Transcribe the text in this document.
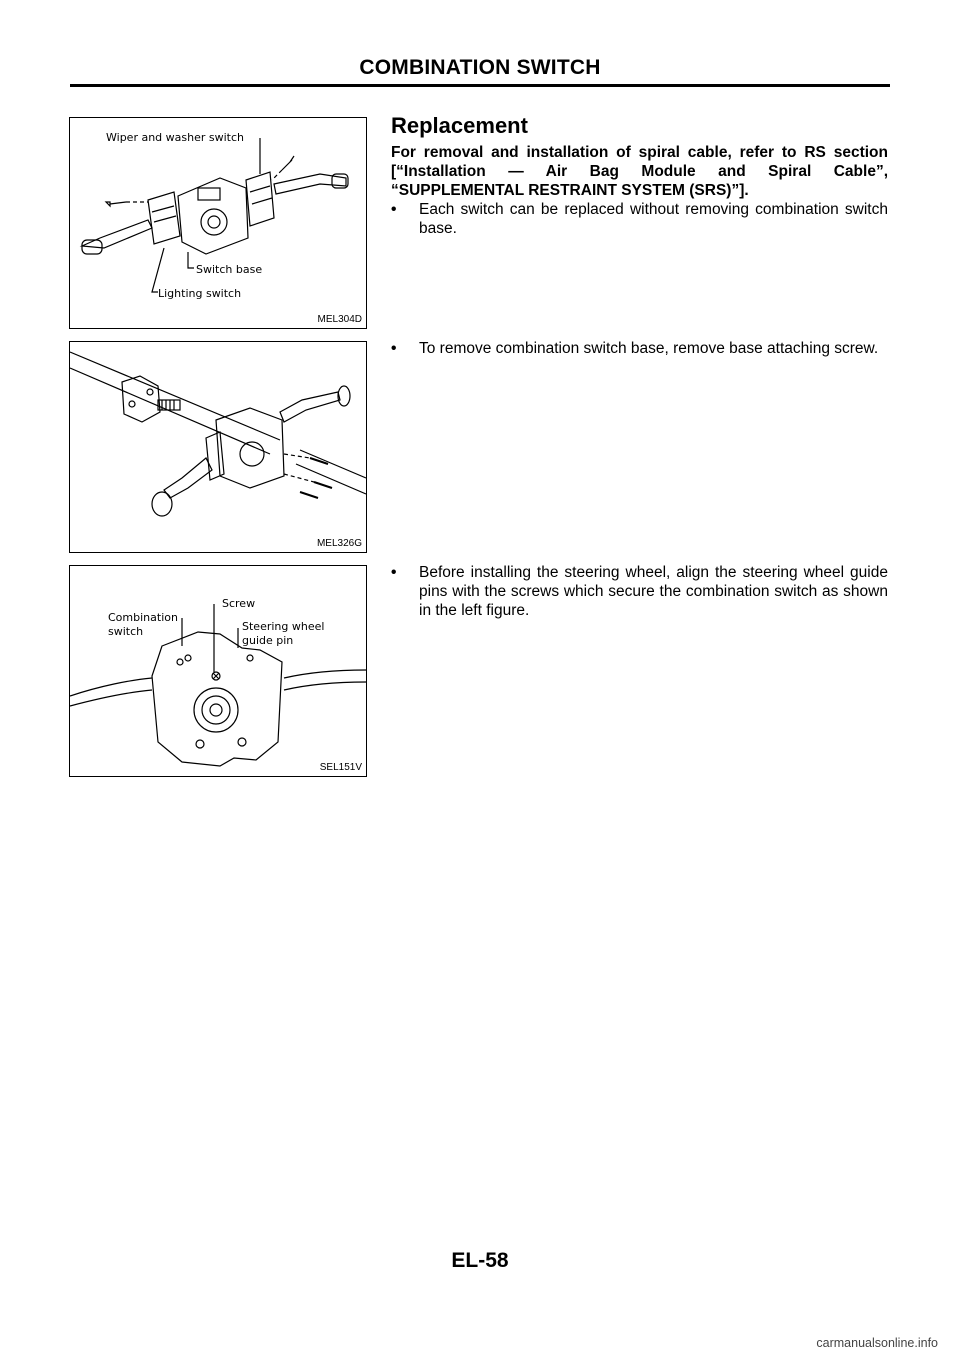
COMBINATION SWITCH
Wiper and washer switch
Switch base
Lighting switch
MEL304D
MEL326G
Combination
switch
Screw
Steering wheel
guide pin
SEL151V
Replacement
For removal and installation of spiral cable, refer to RS section [“Installation — Air Bag Module and Spiral Cable”, “SUPPLEMENTAL RESTRAINT SYSTEM (SRS)”].
• Each switch can be replaced without removing combination switch base.
• To remove combination switch base, remove base attaching screw.
• Before installing the steering wheel, align the steering wheel guide pins with the screws which secure the combination switch as shown in the left figure.
EL-58
carmanualsonline.info
